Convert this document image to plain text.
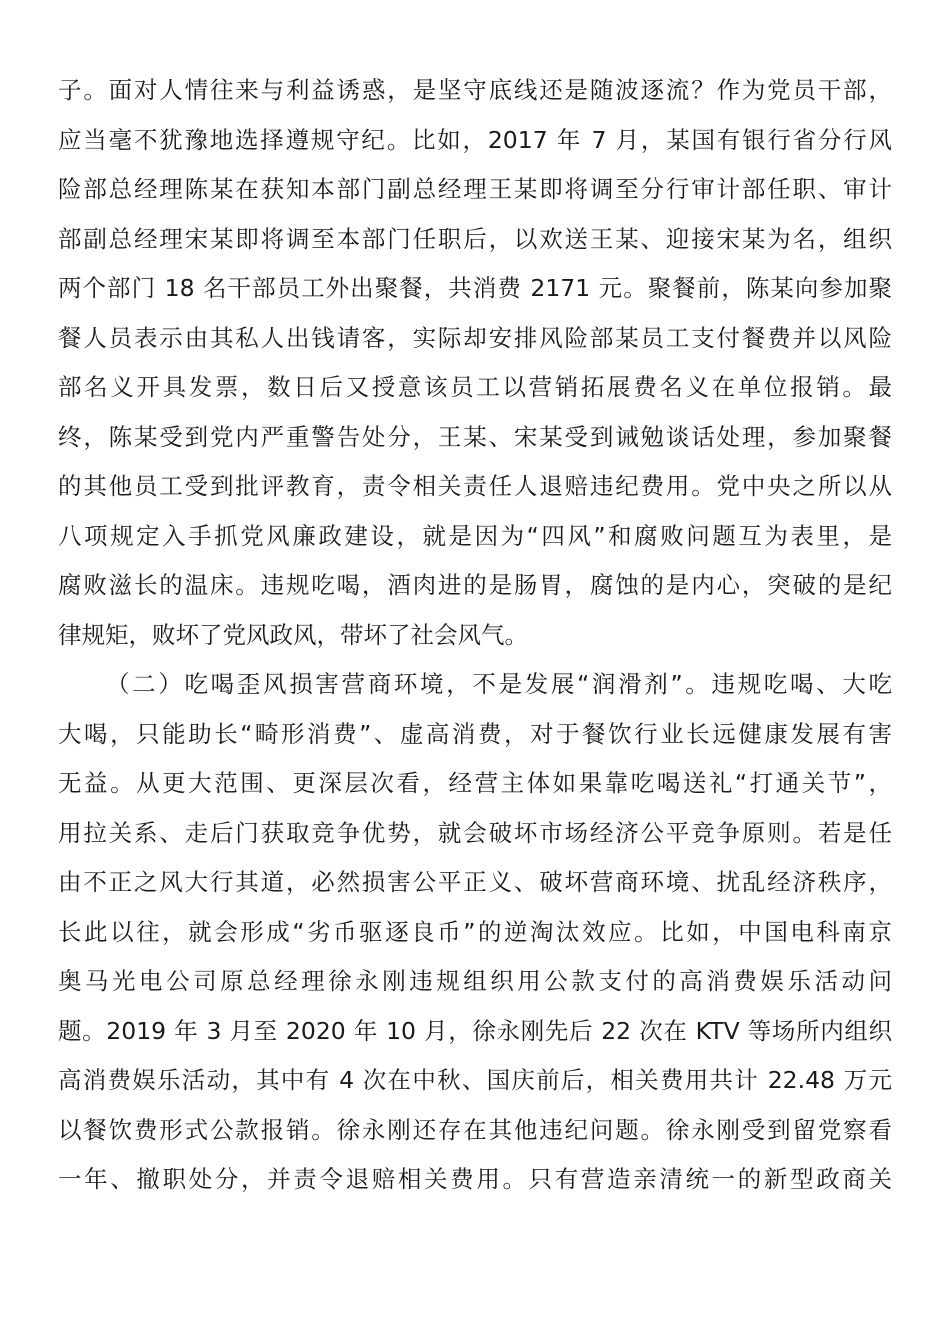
子。面对人情往来与利益诱惑，是坚守底线还是随波逐流？作为党员干部，
应当毫不犹豫地选择遵规守纪。比如，2017 年 7 月，某国有银行省分行风
险部总经理陈某在获知本部门副总经理王某即将调至分行审计部任职、审计
部副总经理宋某即将调至本部门任职后，以欢送王某、迎接宋某为名，组织
两个部门 18 名干部员工外出聚餐，共消费 2171 元。聚餐前，陈某向参加聚
餐人员表示由其私人出钱请客，实际却安排风险部某员工支付餐费并以风险
部名义开具发票，数日后又授意该员工以营销拓展费名义在单位报销。最
终，陈某受到党内严重警告处分，王某、宋某受到诫勉谈话处理，参加聚餐
的其他员工受到批评教育，责令相关责任人退赔违纪费用。党中央之所以从
八项规定入手抓党风廉政建设，就是因为“四风”和腐败问题互为表里，是
腐败滋长的温床。违规吃喝，酒肉进的是肠胃，腐蚀的是内心，突破的是纪
律规矩，败坏了党风政风，带坏了社会风气。
（二）吃喝歪风损害营商环境，不是发展“润滑剂”。违规吃喝、大吃
大喝，只能助长“畸形消费”、虚高消费，对于餐饮行业长远健康发展有害
无益。从更大范围、更深层次看，经营主体如果靠吃喝送礼“打通关节”，
用拉关系、走后门获取竞争优势，就会破坏市场经济公平竞争原则。若是任
由不正之风大行其道，必然损害公平正义、破坏营商环境、扰乱经济秩序，
长此以往，就会形成“劣币驱逐良币”的逆淘汰效应。比如，中国电科南京
奥马光电公司原总经理徐永刚违规组织用公款支付的高消费娱乐活动问
题。2019 年 3 月至 2020 年 10 月，徐永刚先后 22 次在 KTV 等场所内组织
高消费娱乐活动，其中有 4 次在中秋、国庆前后，相关费用共计 22.48 万元
以餐饮费形式公款报销。徐永刚还存在其他违纪问题。徐永刚受到留党察看
一年、撤职处分，并责令退赔相关费用。只有营造亲清统一的新型政商关
